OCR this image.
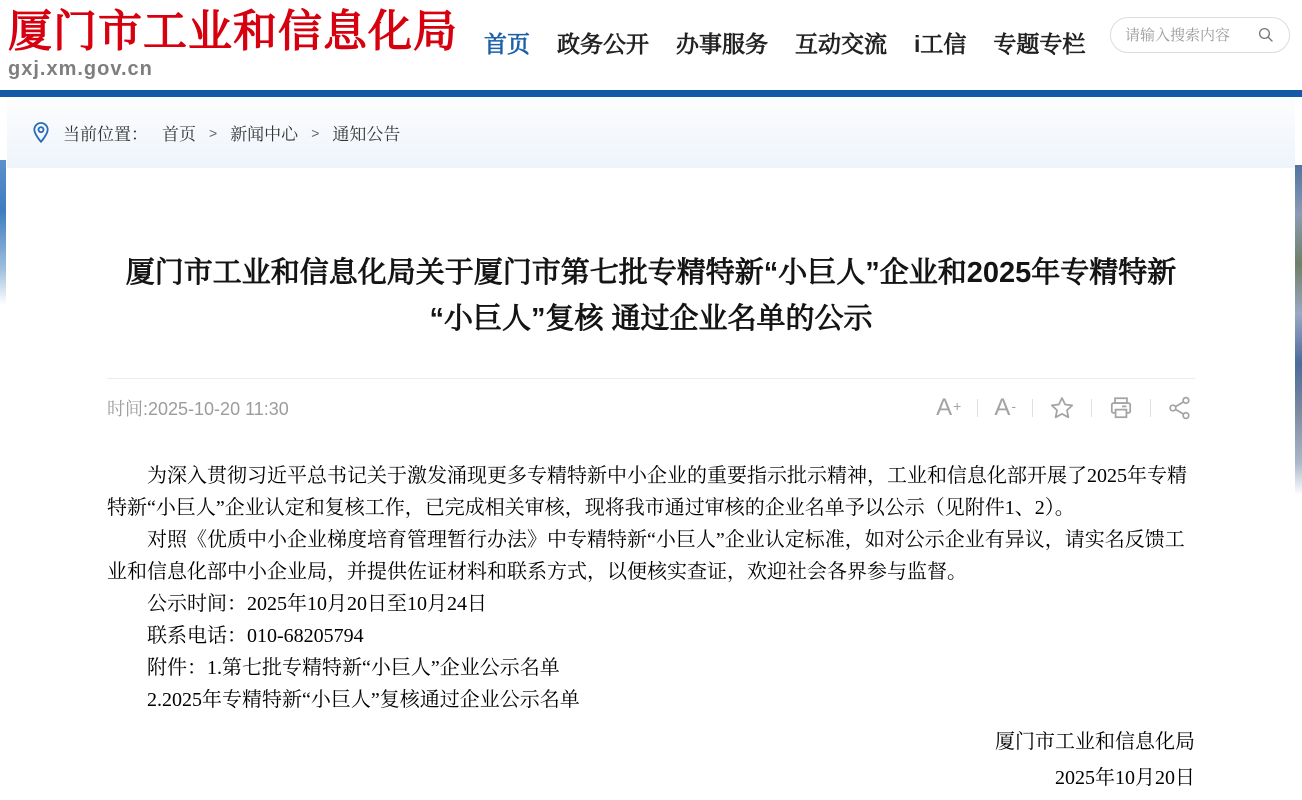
厦门市工业和信息化局
gxj.xm.gov.cn
首页 政务公开 办事服务 互动交流 i工信 专题专栏
请输入搜索内容
当前位置： 首页 > 新闻中心 > 通知公告
厦门市工业和信息化局关于厦门市第七批专精特新“小巨人”企业和2025年专精特新
“小巨人”复核 通过企业名单的公示
时间:2025-10-20 11:30	A + A -

为深入贯彻习近平总书记关于激发涌现更多专精特新中小企业的重要指示批示精神，工业和信息化部开展了2025年专精特新“小巨人”企业认定和复核工作，已完成相关审核，现将我市通过审核的企业名单予以公示（见附件1、2）。

对照《优质中小企业梯度培育管理暂行办法》中专精特新“小巨人”企业认定标准，如对公示企业有异议，请实名反馈工业和信息化部中小企业局，并提供佐证材料和联系方式，以便核实查证，欢迎社会各界参与监督。

公示时间：2025年10月20日至10月24日

联系电话：010-68205794

附件：1.第七批专精特新“小巨人”企业公示名单

2.2025年专精特新“小巨人”复核通过企业公示名单

厦门市工业和信息化局
2025年10月20日
